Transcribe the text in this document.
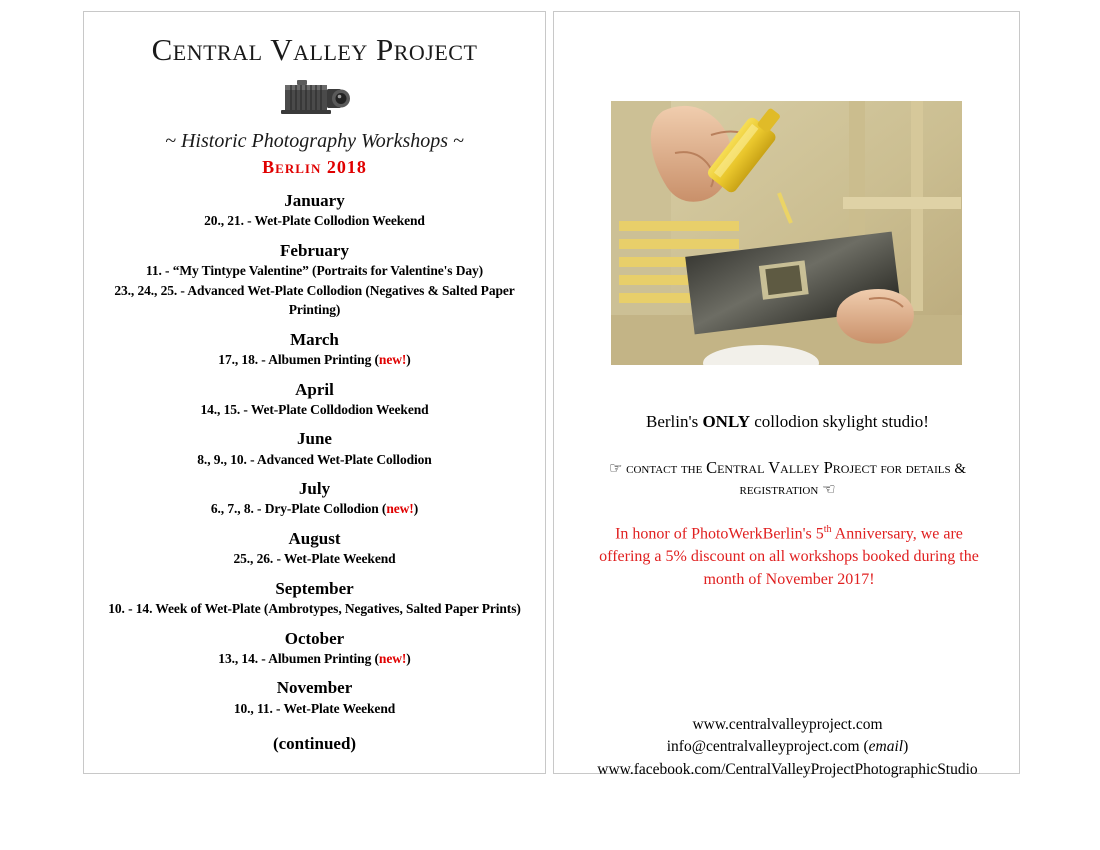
Central Valley Project
~ Historic Photography Workshops ~
Berlin 2018
January
20., 21. - Wet-Plate Collodion Weekend
February
11. - “My Tintype Valentine” (Portraits for Valentine's Day)
23., 24., 25. - Advanced Wet-Plate Collodion (Negatives & Salted Paper Printing)
March
17., 18. - Albumen Printing (new!)
April
14., 15. - Wet-Plate Colldodion Weekend
June
8., 9., 10. - Advanced Wet-Plate Collodion
July
6., 7., 8. - Dry-Plate Collodion (new!)
August
25., 26. - Wet-Plate Weekend
September
10. - 14. Week of Wet-Plate (Ambrotypes, Negatives, Salted Paper Prints)
October
13., 14. - Albumen Printing (new!)
November
10., 11. - Wet-Plate Weekend
(continued)
Berlin's ONLY collodion skylight studio!
☞ contact the Central Valley Project for details & registration ☜
In honor of PhotoWerkBerlin's 5th Anniversary, we are offering a 5% discount on all workshops booked during the month of November 2017!
www.centralvalleyproject.com
info@centralvalleyproject.com (email)
www.facebook.com/CentralValleyProjectPhotographicStudio
